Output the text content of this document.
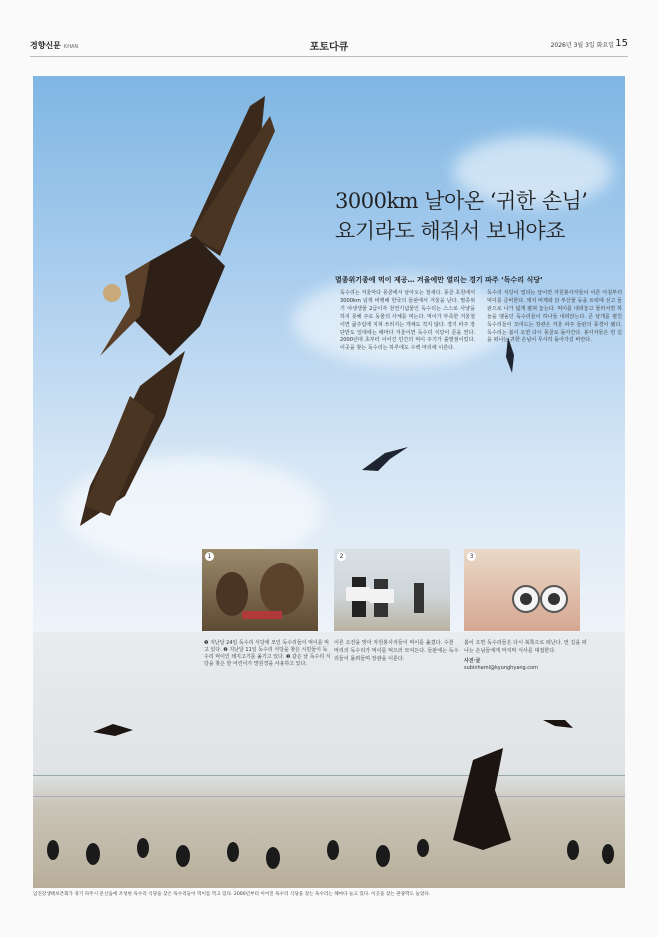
경향신문 KHAN	포토다큐	2026년 3월 3일 화요일 15
3000km 날아온 ‘귀한 손님’
요기라도 해줘서 보내야죠
멸종위기종에 먹이 제공… 겨울에만 열리는 경기 파주 ‘독수리 식당’
독수리는 겨울마다 몽골에서 날아오는 철새다. 몽골 초원에서 3000km 넘게 비행해 한국의 들판에서 겨울을 난다. 멸종위기 야생생물 2급이자 천연기념물인 독수리는 스스로 사냥을 하지 못해 주로 동물의 사체를 먹는다. 먹이가 부족한 겨울철이면 굶주림에 지쳐 쓰러지는 개체도 적지 않다. 경기 파주 장단반도 일대에는 해마다 겨울이면 독수리 식당이 문을 연다. 2000년대 초부터 이어진 민간의 먹이 주기가 출발점이었다. 이곳을 찾는 독수리는 하루에도 수백 마리에 이른다.
독수리 식당이 열리는 날이면 자원봉사자들이 이른 아침부터 먹이를 준비한다. 돼지 비계와 닭 부산물 등을 트럭에 싣고 들판으로 나가 넓게 펼쳐 놓는다. 먹이를 내려놓고 물러서면 하늘을 맴돌던 독수리들이 하나둘 내려앉는다. 큰 날개를 펼친 독수리들이 모여드는 장관은 겨울 파주 들판의 풍경이 됐다. 독수리는 봄이 오면 다시 몽골로 돌아간다. 봉사자들은 먼 길을 떠나는 귀한 손님이 무사히 돌아가길 바란다.
1	2	3
❶ 지난달 24일 독수리 식당에 모인 독수리들이 먹이를 먹고 있다. ❷ 지난달 11일 독수리 식당을 찾은 시민들이 독수리 먹이인 돼지고기를 옮기고 있다. ❸ 같은 날 독수리 식당을 찾은 한 어린이가 망원경을 사용하고 있다.
이른 오전을 맞아 자원봉사자들이 먹이를 옮겼다. 수천 마리의 독수리가 먹이를 먹으러 모여든다. 들판에는 독수리들이 몰려들며 장관을 이룬다.
봄이 오면 독수리들은 다시 북쪽으로 떠난다. 먼 길을 떠나는 손님들에게 마지막 식사를 대접한다.
사진·글
subinhaml@kyunghyang.com
임진강생태보존회가 경기 파주시 문산읍에 조성한 독수리 식당을 찾은 독수리들이 먹이를 먹고 있다. 2000년부터 이어진 독수리 식당을 찾는 독수리는 해마다 늘고 있다. 이곳을 찾는 관광객도 늘었다.
